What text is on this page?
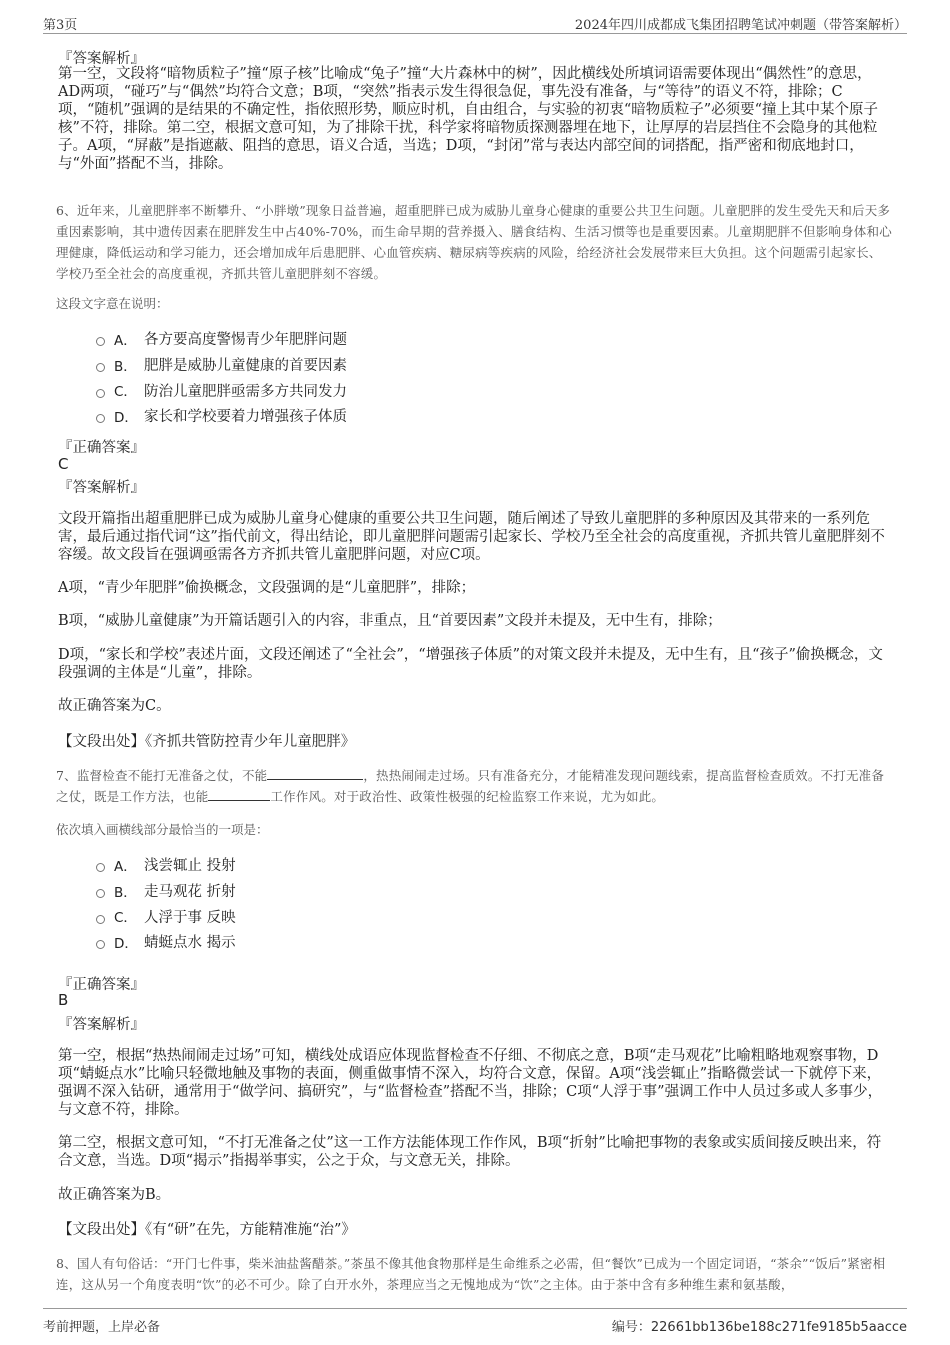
第3页	2024年四川成都成飞集团招聘笔试冲刺题（带答案解析）
『答案解析』
第一空，文段将“暗物质粒子”撞“原子核”比喻成“兔子”撞“大片森林中的树”，因此横线处所填词语需要体现出“偶然性”的意思，AD两项，“碰巧”与“偶然”均符合文意；B项，“突然”指表示发生得很急促，事先没有准备，与“等待”的语义不符，排除；C项，“随机”强调的是结果的不确定性，指依照形势，顺应时机，自由组合，与实验的初衷“暗物质粒子”必须要“撞上其中某个原子核”不符，排除。第二空，根据文意可知，为了排除干扰，科学家将暗物质探测器埋在地下，让厚厚的岩层挡住不会隐身的其他粒子。A项，“屏蔽”是指遮蔽、阻挡的意思，语义合适，当选；D项，“封闭”常与表达内部空间的词搭配，指严密和彻底地封口，与“外面”搭配不当，排除。
6、近年来，儿童肥胖率不断攀升、“小胖墩”现象日益普遍，超重肥胖已成为威胁儿童身心健康的重要公共卫生问题。儿童肥胖的发生受先天和后天多重因素影响，其中遗传因素在肥胖发生中占40%-70%，而生命早期的营养摄入、膳食结构、生活习惯等也是重要因素。儿童期肥胖不但影响身体和心理健康，降低运动和学习能力，还会增加成年后患肥胖、心血管疾病、糖尿病等疾病的风险，给经济社会发展带来巨大负担。这个问题需引起家长、学校乃至全社会的高度重视，齐抓共管儿童肥胖刻不容缓。
这段文字意在说明：
A． 各方要高度警惕青少年肥胖问题
B． 肥胖是威胁儿童健康的首要因素
C． 防治儿童肥胖亟需多方共同发力
D． 家长和学校要着力增强孩子体质
『正确答案』
C
『答案解析』
文段开篇指出超重肥胖已成为威胁儿童身心健康的重要公共卫生问题，随后阐述了导致儿童肥胖的多种原因及其带来的一系列危害，最后通过指代词“这”指代前文，得出结论，即儿童肥胖问题需引起家长、学校乃至全社会的高度重视，齐抓共管儿童肥胖刻不容缓。故文段旨在强调亟需各方齐抓共管儿童肥胖问题，对应C项。
A项，“青少年肥胖”偷换概念，文段强调的是“儿童肥胖”，排除；
B项，“威胁儿童健康”为开篇话题引入的内容，非重点，且“首要因素”文段并未提及，无中生有，排除；
D项，“家长和学校”表述片面，文段还阐述了“全社会”，“增强孩子体质”的对策文段并未提及，无中生有，且“孩子”偷换概念，文段强调的主体是“儿童”，排除。
故正确答案为C。
【文段出处】《齐抓共管防控青少年儿童肥胖》
7、监督检查不能打无准备之仗，不能	，热热闹闹走过场。只有准备充分，才能精准发现问题线索，提高监督检查质效。不打无准备之仗，既是工作方法，也能	工作作风。对于政治性、政策性极强的纪检监察工作来说，尤为如此。
依次填入画横线部分最恰当的一项是：
A． 浅尝辄止 投射
B． 走马观花 折射
C． 人浮于事 反映
D． 蜻蜓点水 揭示
『正确答案』
B
『答案解析』
第一空，根据“热热闹闹走过场”可知，横线处成语应体现监督检查不仔细、不彻底之意，B项“走马观花”比喻粗略地观察事物，D项“蜻蜓点水”比喻只轻微地触及事物的表面，侧重做事情不深入，均符合文意，保留。A项“浅尝辄止”指略微尝试一下就停下来，强调不深入钻研，通常用于“做学问、搞研究”，与“监督检查”搭配不当，排除；C项“人浮于事”强调工作中人员过多或人多事少，与文意不符，排除。
第二空，根据文意可知，“不打无准备之仗”这一工作方法能体现工作作风，B项“折射”比喻把事物的表象或实质间接反映出来，符合文意，当选。D项“揭示”指揭举事实，公之于众，与文意无关，排除。
故正确答案为B。
【文段出处】《有“研”在先，方能精准施“治”》
8、国人有句俗话：“开门七件事，柴米油盐酱醋茶。”茶虽不像其他食物那样是生命维系之必需，但“餐饮”已成为一个固定词语，“茶余”“饭后”紧密相连，这从另一个角度表明“饮”的必不可少。除了白开水外，茶理应当之无愧地成为“饮”之主体。由于茶中含有多种维生素和氨基酸，
考前押题，上岸必备	编号：22661bb136be188c271fe9185b5aacce
